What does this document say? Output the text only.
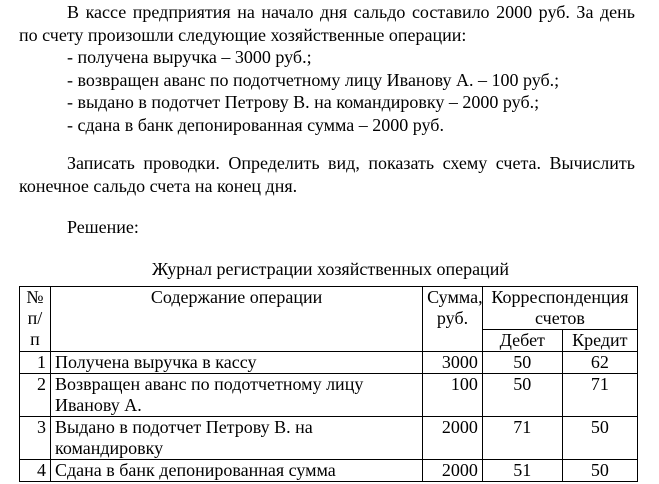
В кассе предприятия на начало дня сальдо составило 2000 руб. За день по счету произошли следующие хозяйственные операции:

- получена выручка – 3000 руб.;
- возвращен аванс по подотчетному лицу Иванову А. – 100 руб.;
- выдано в подотчет Петрову В. на командировку – 2000 руб.;
- сдана в банк депонированная сумма – 2000 руб.

Записать проводки. Определить вид, показать схему счета. Вычислить конечное сальдо счета на конец дня.

Решение:

Журнал регистрации хозяйственных операций

№ п/п	Содержание операции	Сумма, руб.	Корреспонденция счетов	
			Дебет	Кредит
1	Получена выручка в кассу	3000	50	62
2	Возвращен аванс по подотчетному лицу Иванову А.	100	50	71
3	Выдано в подотчет Петрову В. на командировку	2000	71	50
4	Сдана в банк депонированная сумма	2000	51	50
